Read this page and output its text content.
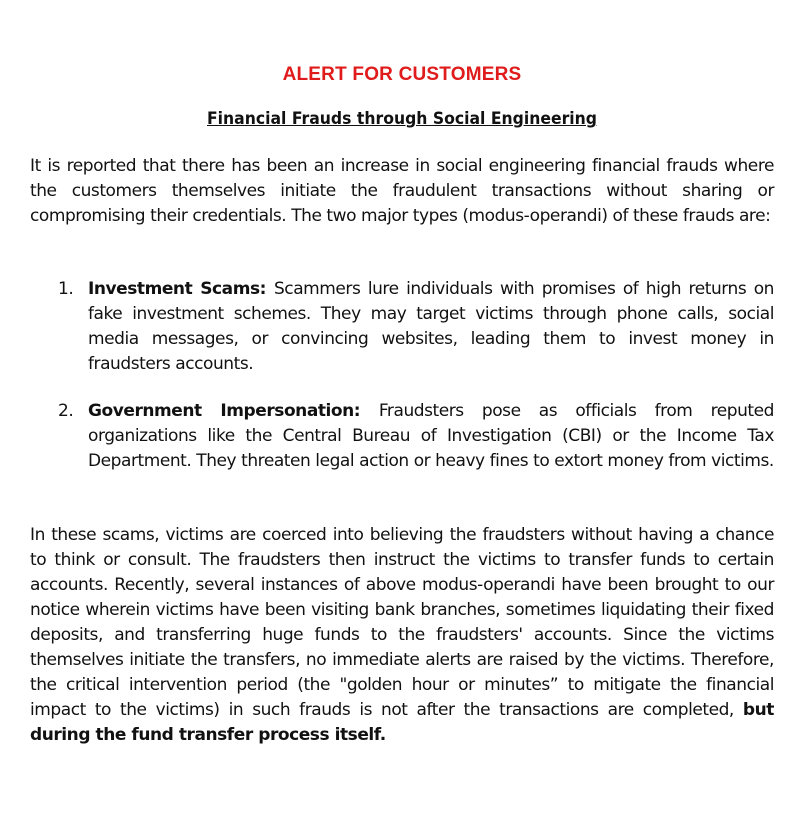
ALERT FOR CUSTOMERS
Financial Frauds through Social Engineering

It is reported that there has been an increase in social engineering financial frauds where the customers themselves initiate the fraudulent transactions without sharing or compromising their credentials. The two major types (modus-operandi) of these frauds are:

1. Investment Scams: Scammers lure individuals with promises of high returns on fake investment schemes. They may target victims through phone calls, social media messages, or convincing websites, leading them to invest money in fraudsters accounts.
2. Government Impersonation: Fraudsters pose as officials from reputed organizations like the Central Bureau of Investigation (CBI) or the Income Tax Department. They threaten legal action or heavy fines to extort money from victims.

In these scams, victims are coerced into believing the fraudsters without having a chance to think or consult. The fraudsters then instruct the victims to transfer funds to certain accounts. Recently, several instances of above modus-operandi have been brought to our notice wherein victims have been visiting bank branches, sometimes liquidating their fixed deposits, and transferring huge funds to the fraudsters' accounts. Since the victims themselves initiate the transfers, no immediate alerts are raised by the victims. Therefore, the critical intervention period (the "golden hour or minutes” to mitigate the financial impact to the victims) in such frauds is not after the transactions are completed, but during the fund transfer process itself.
